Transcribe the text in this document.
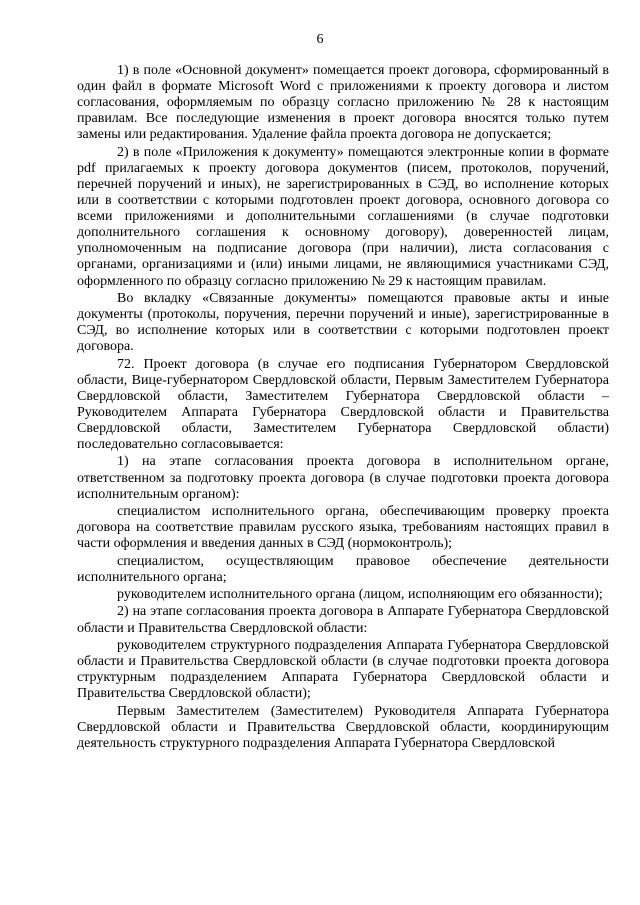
6

1) в поле «Основной документ» помещается проект договора, сформированный в один файл в формате Microsoft Word с приложениями к проекту договора и листом согласования, оформляемым по образцу согласно приложению № 28 к настоящим правилам. Все последующие изменения в проект договора вносятся только путем замены или редактирования. Удаление файла проекта договора не допускается;

2) в поле «Приложения к документу» помещаются электронные копии в формате pdf прилагаемых к проекту договора документов (писем, протоколов, поручений, перечней поручений и иных), не зарегистрированных в СЭД, во исполнение которых или в соответствии с которыми подготовлен проект договора, основного договора со всеми приложениями и дополнительными соглашениями (в случае подготовки дополнительного соглашения к основному договору), доверенностей лицам, уполномоченным на подписание договора (при наличии), листа согласования с органами, организациями и (или) иными лицами, не являющимися участниками СЭД, оформленного по образцу согласно приложению № 29 к настоящим правилам.

Во вкладку «Связанные документы» помещаются правовые акты и иные документы (протоколы, поручения, перечни поручений и иные), зарегистрированные в СЭД, во исполнение которых или в соответствии с которыми подготовлен проект договора.

72. Проект договора (в случае его подписания Губернатором Свердловской области, Вице-губернатором Свердловской области, Первым Заместителем Губернатора Свердловской области, Заместителем Губернатора Свердловской области – Руководителем Аппарата Губернатора Свердловской области и Правительства Свердловской области, Заместителем Губернатора Свердловской области) последовательно согласовывается:

1) на этапе согласования проекта договора в исполнительном органе, ответственном за подготовку проекта договора (в случае подготовки проекта договора исполнительным органом):

специалистом исполнительного органа, обеспечивающим проверку проекта договора на соответствие правилам русского языка, требованиям настоящих правил в части оформления и введения данных в СЭД (нормоконтроль);

специалистом, осуществляющим правовое обеспечение деятельности исполнительного органа;

руководителем исполнительного органа (лицом, исполняющим его обязанности);

2) на этапе согласования проекта договора в Аппарате Губернатора Свердловской области и Правительства Свердловской области:

руководителем структурного подразделения Аппарата Губернатора Свердловской области и Правительства Свердловской области (в случае подготовки проекта договора структурным подразделением Аппарата Губернатора Свердловской области и Правительства Свердловской области);

Первым Заместителем (Заместителем) Руководителя Аппарата Губернатора Свердловской области и Правительства Свердловской области, координирующим деятельность структурного подразделения Аппарата Губернатора Свердловской
